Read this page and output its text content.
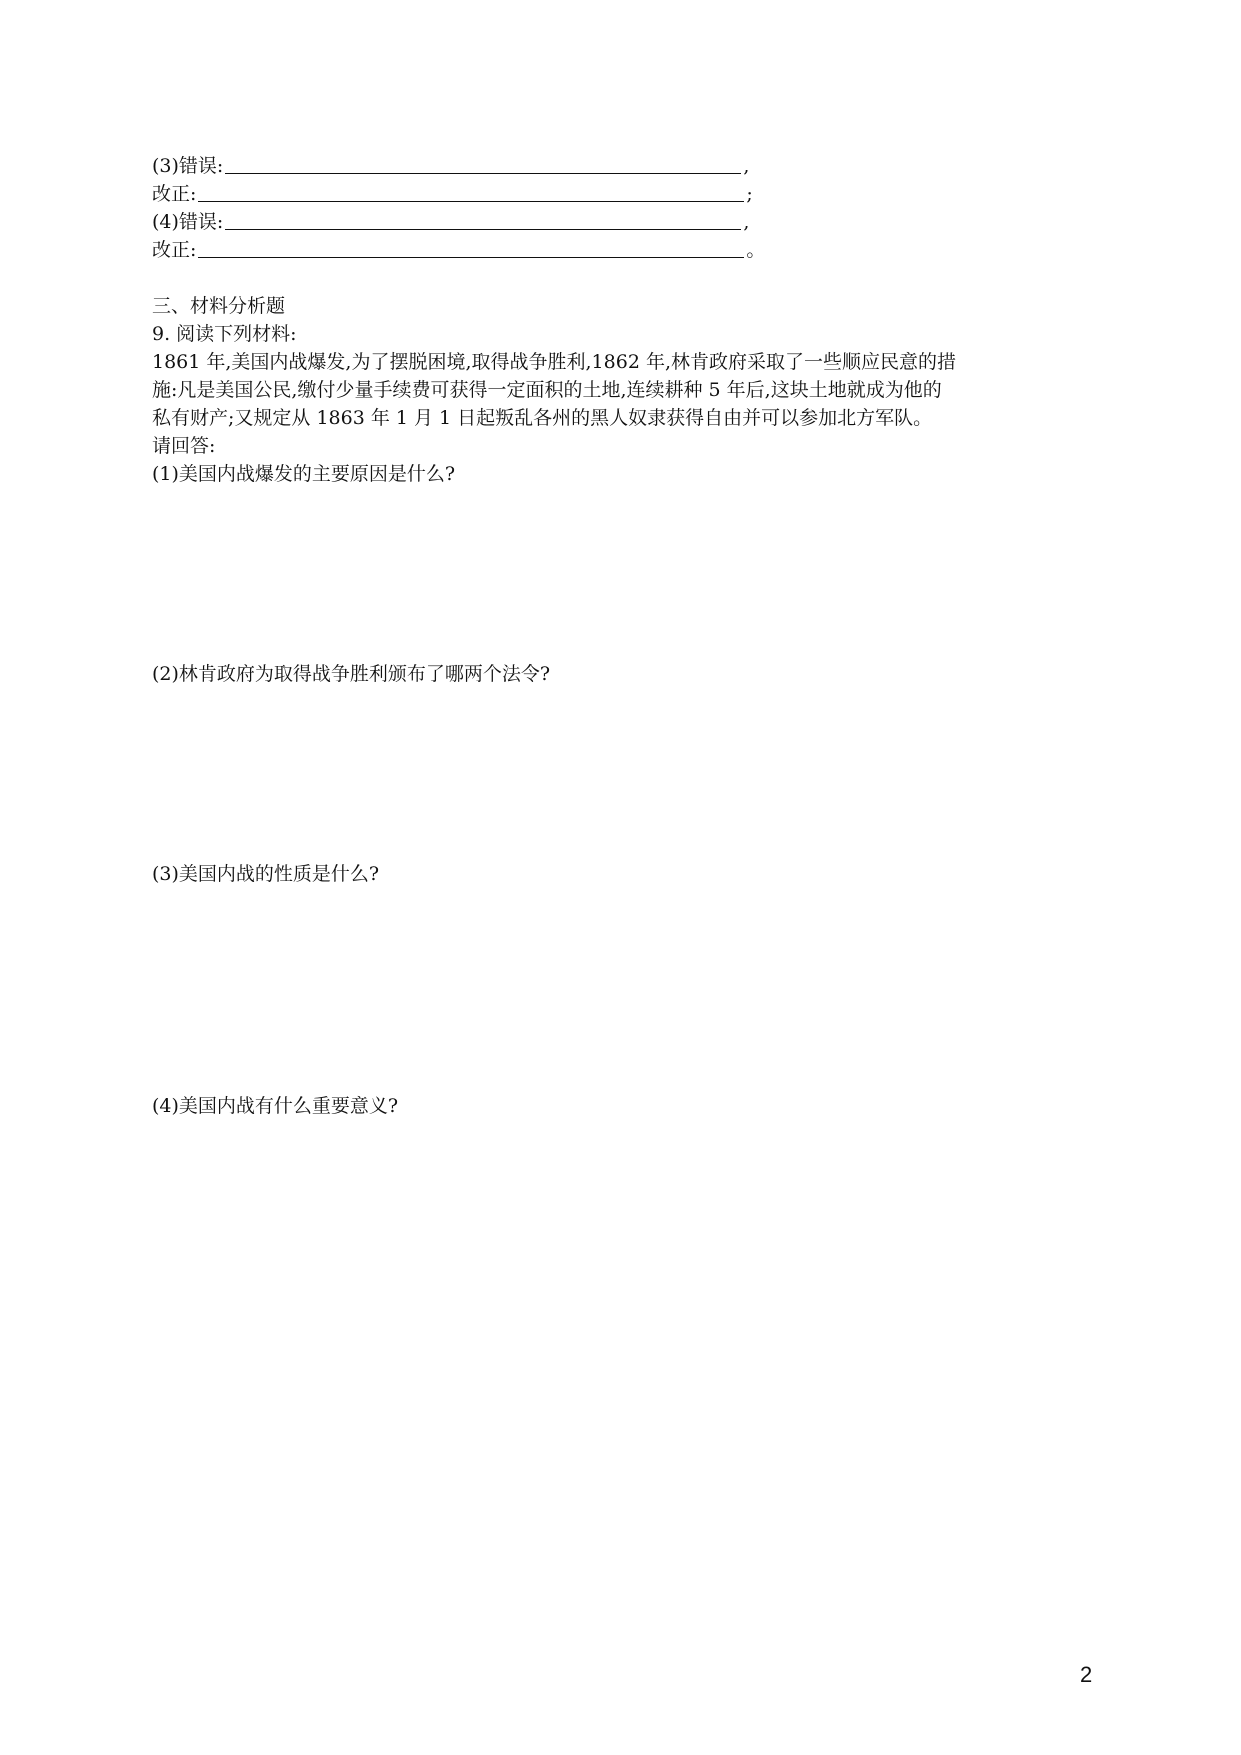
(3)错误:	,
改正:	;
(4)错误:	,
改正:	。
三、材料分析题
9. 阅读下列材料:
1861 年,美国内战爆发,为了摆脱困境,取得战争胜利,1862 年,林肯政府采取了一些顺应民意的措
施:凡是美国公民,缴付少量手续费可获得一定面积的土地,连续耕种 5 年后,这块土地就成为他的
私有财产;又规定从 1863 年 1 月 1 日起叛乱各州的黑人奴隶获得自由并可以参加北方军队。
请回答:
(1)美国内战爆发的主要原因是什么?
(2)林肯政府为取得战争胜利颁布了哪两个法令?
(3)美国内战的性质是什么?
(4)美国内战有什么重要意义?
2
